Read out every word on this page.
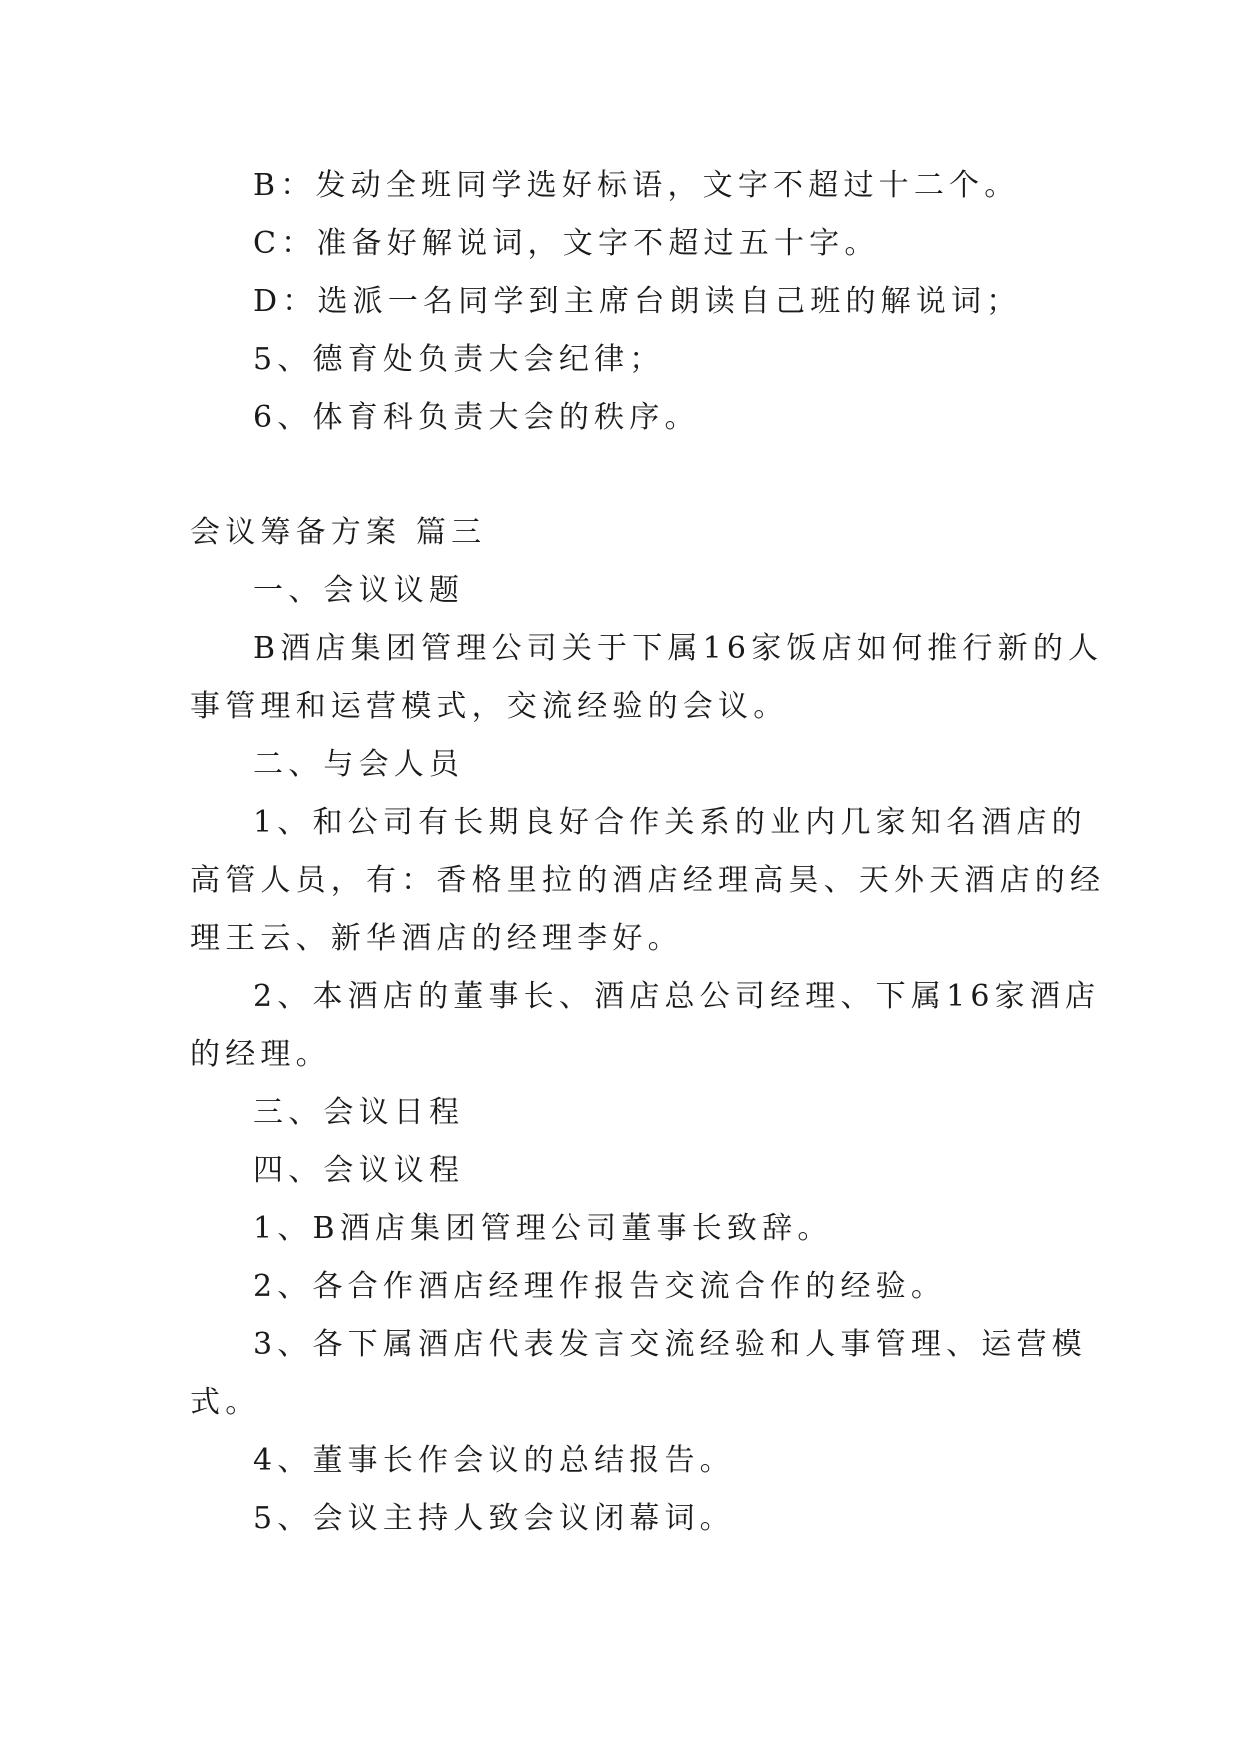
B：发动全班同学选好标语，文字不超过十二个。
C：准备好解说词，文字不超过五十字。
D：选派一名同学到主席台朗读自己班的解说词；
5、德育处负责大会纪律；
6、体育科负责大会的秩序。
会议筹备方案 篇三
一、会议议题
B酒店集团管理公司关于下属16家饭店如何推行新的人
事管理和运营模式，交流经验的会议。
二、与会人员
1、和公司有长期良好合作关系的业内几家知名酒店的
高管人员，有：香格里拉的酒店经理高昊、天外天酒店的经
理王云、新华酒店的经理李好。
2、本酒店的董事长、酒店总公司经理、下属16家酒店
的经理。
三、会议日程
四、会议议程
1、B酒店集团管理公司董事长致辞。
2、各合作酒店经理作报告交流合作的经验。
3、各下属酒店代表发言交流经验和人事管理、运营模
式。
4、董事长作会议的总结报告。
5、会议主持人致会议闭幕词。
